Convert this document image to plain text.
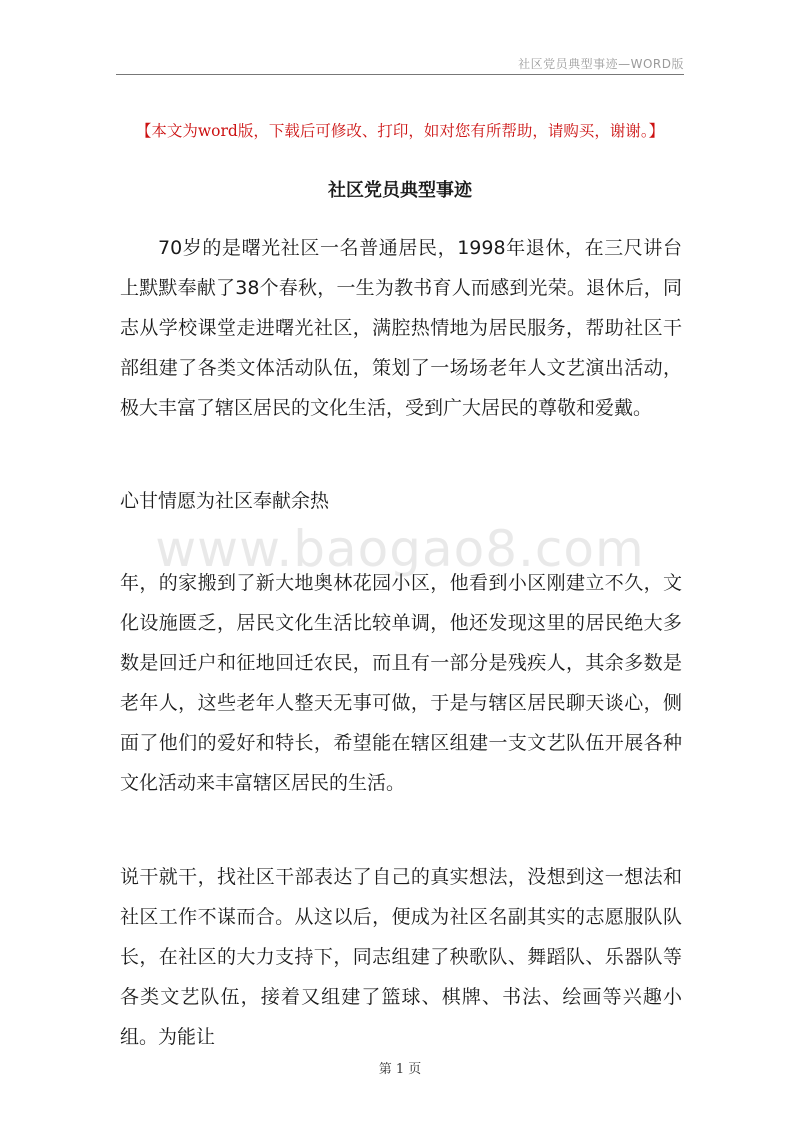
社区党员典型事迹—WORD版
【本文为word版，下载后可修改、打印，如对您有所帮助，请购买，谢谢。】
社区党员典型事迹
70岁的是曙光社区一名普通居民，1998年退休，在三尺讲台上默默奉献了38个春秋，一生为教书育人而感到光荣。退休后，同志从学校课堂走进曙光社区，满腔热情地为居民服务，帮助社区干部组建了各类文体活动队伍，策划了一场场老年人文艺演出活动，极大丰富了辖区居民的文化生活，受到广大居民的尊敬和爱戴。
心甘情愿为社区奉献余热
www.baogao8.com
年，的家搬到了新大地奥林花园小区，他看到小区刚建立不久，文化设施匮乏，居民文化生活比较单调，他还发现这里的居民绝大多数是回迁户和征地回迁农民，而且有一部分是残疾人，其余多数是老年人，这些老年人整天无事可做，于是与辖区居民聊天谈心，侧面了他们的爱好和特长，希望能在辖区组建一支文艺队伍开展各种文化活动来丰富辖区居民的生活。
说干就干，找社区干部表达了自己的真实想法，没想到这一想法和社区工作不谋而合。从这以后，便成为社区名副其实的志愿服队队长，在社区的大力支持下，同志组建了秧歌队、舞蹈队、乐器队等各类文艺队伍，接着又组建了篮球、棋牌、书法、绘画等兴趣小组。为能让
第 1 页
